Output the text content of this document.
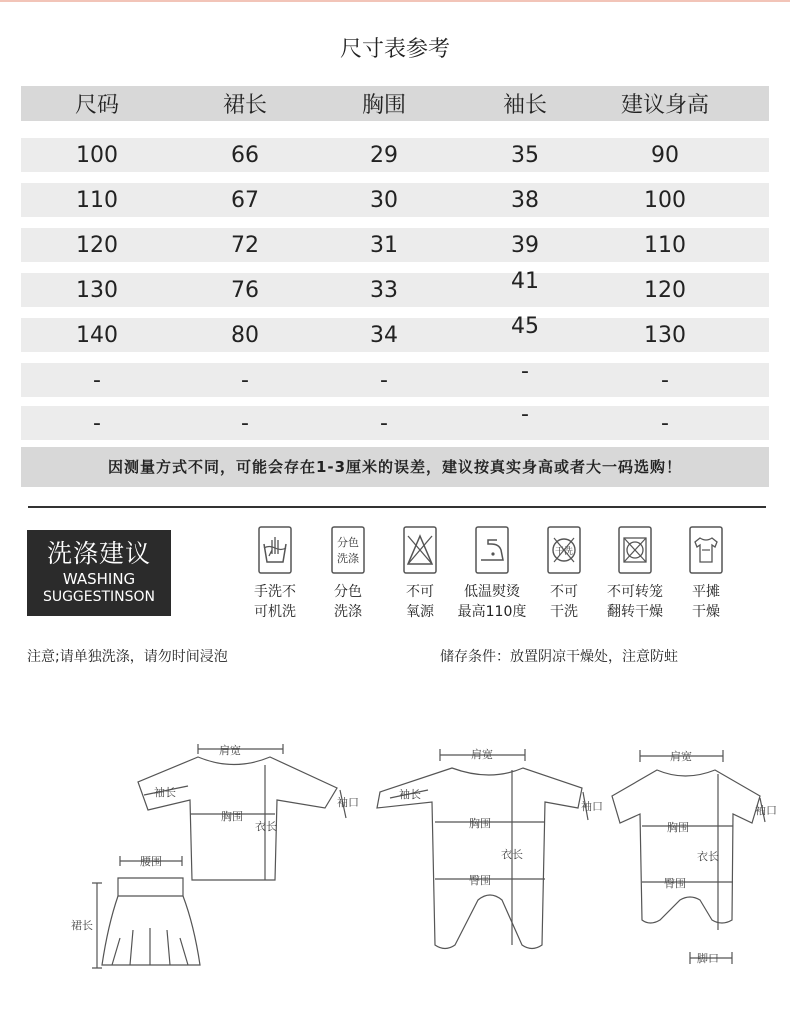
尺寸表参考
尺码	裙长	胸围	袖长	建议身高
100	66	29	35	90
110	67	30	38	100
120	72	31	39	110
130	76	33	41	120
140	80	34	45	130
-	-	-	-	-
-	-	-	-	-
因测量方式不同，可能会存在1-3厘米的误差，建议按真实身高或者大一码选购！
洗涤建议
WASHING
SUGGESTINSON	手洗不
可机洗
分色
洗涤
分色
洗涤
不可
氧源
低温熨烫
最高110度
干洗
不可
干洗
不可转笼
翻转干燥
平摊
干燥
注意;请单独洗涤，请勿时间浸泡	储存条件：放置阴凉干燥处，注意防蛀
肩宽
袖长
胸围
衣长
袖口
腰围
裙长
肩宽
袖长
胸围
衣长
臀围
袖口
肩宽
胸围
衣长
臀围
脚口
袖口
